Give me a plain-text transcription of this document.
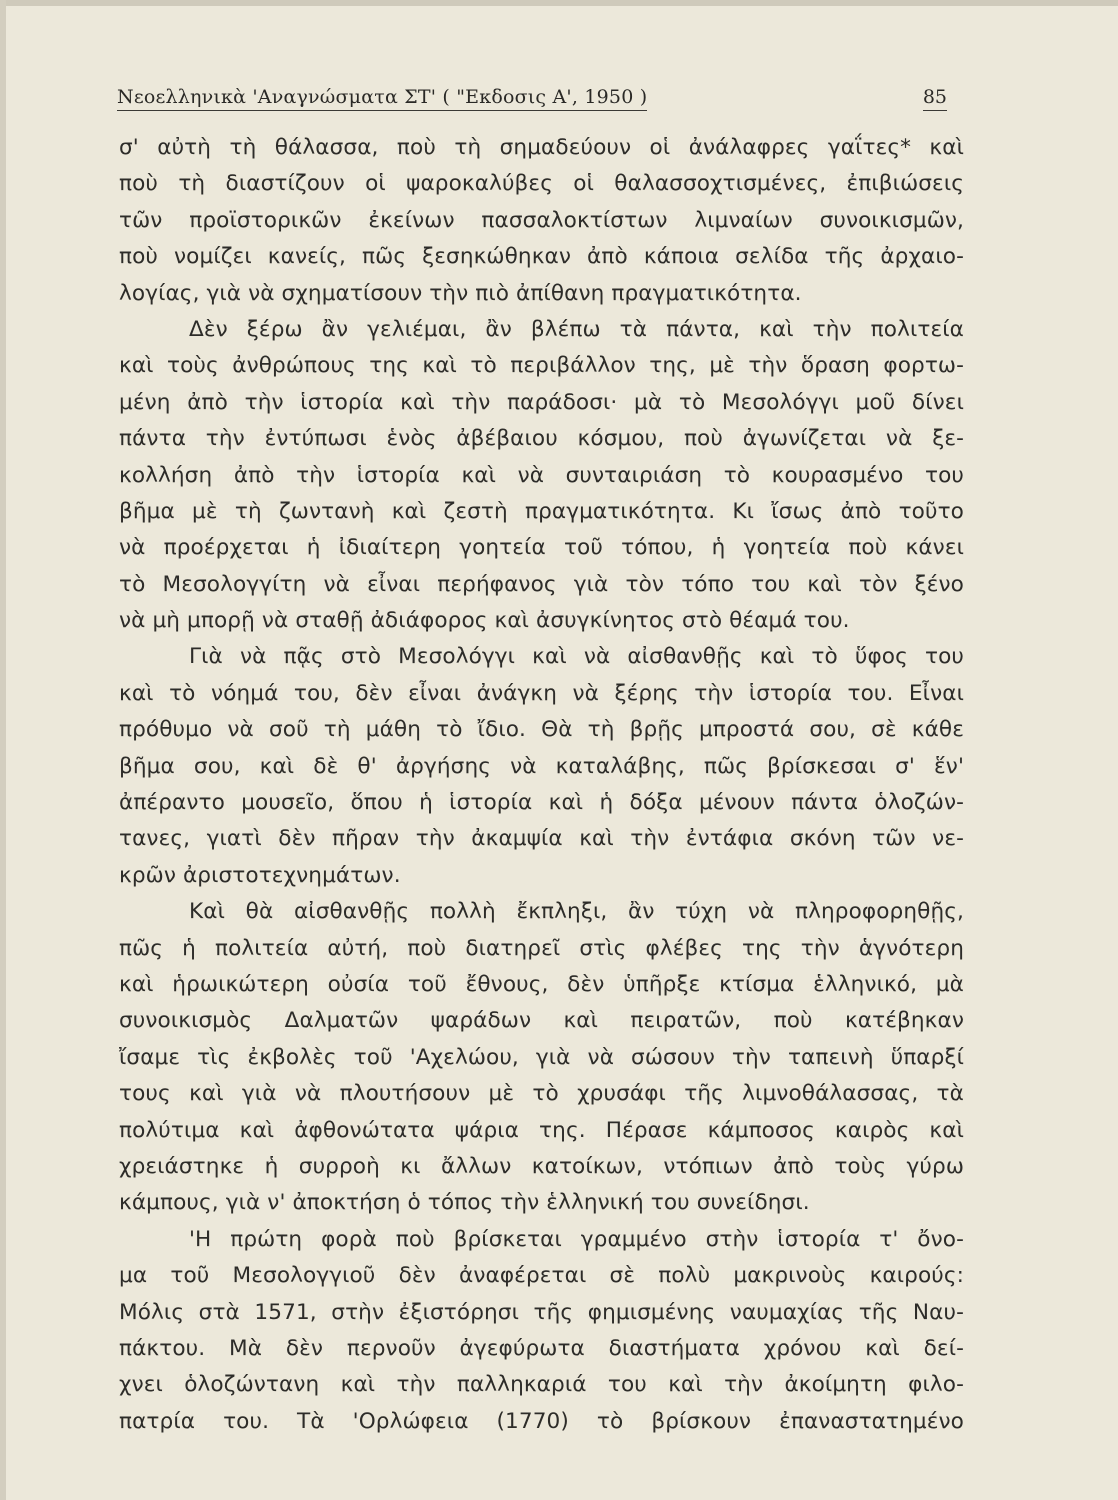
Νεοελληνικὰ 'Αναγνώσματα ΣΤ' ( "Εκδοσις Α', 1950 )	85
σ' αὐτὴ τὴ θάλασσα, ποὺ τὴ σημαδεύουν οἱ ἀνάλαφρες γαΐτες* καὶ
ποὺ τὴ διαστίζουν οἱ ψαροκαλύβες οἱ θαλασσοχτισμένες, ἐπιβιώσεις
τῶν προϊστορικῶν ἐκείνων πασσαλοκτίστων λιμναίων συνοικισμῶν,
ποὺ νομίζει κανείς, πῶς ξεσηκώθηκαν ἀπὸ κάποια σελίδα τῆς ἀρχαιο-
λογίας, γιὰ νὰ σχηματίσουν τὴν πιὸ ἀπίθανη πραγματικότητα.
Δὲν ξέρω ἂν γελιέμαι, ἂν βλέπω τὰ πάντα, καὶ τὴν πολιτεία
καὶ τοὺς ἀνθρώπους της καὶ τὸ περιβάλλον της, μὲ τὴν ὅραση φορτω-
μένη ἀπὸ τὴν ἱστορία καὶ τὴν παράδοσι· μὰ τὸ Μεσολόγγι μοῦ δίνει
πάντα τὴν ἐντύπωσι ἑνὸς ἀβέβαιου κόσμου, ποὺ ἀγωνίζεται νὰ ξε-
κολλήση ἀπὸ τὴν ἱστορία καὶ νὰ συνταιριάση τὸ κουρασμένο του
βῆμα μὲ τὴ ζωντανὴ καὶ ζεστὴ πραγματικότητα. Κι ἴσως ἀπὸ τοῦτο
νὰ προέρχεται ἡ ἰδιαίτερη γοητεία τοῦ τόπου, ἡ γοητεία ποὺ κάνει
τὸ Μεσολογγίτη νὰ εἶναι περήφανος γιὰ τὸν τόπο του καὶ τὸν ξένο
νὰ μὴ μπορῇ νὰ σταθῇ ἀδιάφορος καὶ ἀσυγκίνητος στὸ θέαμά του.
Γιὰ νὰ πᾷς στὸ Μεσολόγγι καὶ νὰ αἰσθανθῇς καὶ τὸ ὕφος του
καὶ τὸ νόημά του, δὲν εἶναι ἀνάγκη νὰ ξέρης τὴν ἱστορία του. Εἶναι
πρόθυμο νὰ σοῦ τὴ μάθη τὸ ἴδιο. Θὰ τὴ βρῇς μπροστά σου, σὲ κάθε
βῆμα σου, καὶ δὲ θ' ἀργήσης νὰ καταλάβης, πῶς βρίσκεσαι σ' ἕν'
ἀπέραντο μουσεῖο, ὅπου ἡ ἱστορία καὶ ἡ δόξα μένουν πάντα ὁλοζών-
τανες, γιατὶ δὲν πῆραν τὴν ἀκαμψία καὶ τὴν ἐντάφια σκόνη τῶν νε-
κρῶν ἀριστοτεχνημάτων.
Καὶ θὰ αἰσθανθῇς πολλὴ ἔκπληξι, ἂν τύχη νὰ πληροφορηθῇς,
πῶς ἡ πολιτεία αὐτή, ποὺ διατηρεῖ στὶς φλέβες της τὴν ἁγνότερη
καὶ ἡρωικώτερη οὐσία τοῦ ἔθνους, δὲν ὑπῆρξε κτίσμα ἑλληνικό, μὰ
συνοικισμὸς Δαλματῶν ψαράδων καὶ πειρατῶν, ποὺ κατέβηκαν
ἴσαμε τὶς ἐκβολὲς τοῦ 'Αχελώου, γιὰ νὰ σώσουν τὴν ταπεινὴ ὕπαρξί
τους καὶ γιὰ νὰ πλουτήσουν μὲ τὸ χρυσάφι τῆς λιμνοθάλασσας, τὰ
πολύτιμα καὶ ἀφθονώτατα ψάρια της. Πέρασε κάμποσος καιρὸς καὶ
χρειάστηκε ἡ συρροὴ κι ἄλλων κατοίκων, ντόπιων ἀπὸ τοὺς γύρω
κάμπους, γιὰ ν' ἀποκτήση ὁ τόπος τὴν ἑλληνική του συνείδησι.
'Η πρώτη φορὰ ποὺ βρίσκεται γραμμένο στὴν ἱστορία τ' ὄνο-
μα τοῦ Μεσολογγιοῦ δὲν ἀναφέρεται σὲ πολὺ μακρινοὺς καιρούς:
Μόλις στὰ 1571, στὴν ἐξιστόρησι τῆς φημισμένης ναυμαχίας τῆς Ναυ-
πάκτου. Μὰ δὲν περνοῦν ἀγεφύρωτα διαστήματα χρόνου καὶ δεί-
χνει ὁλοζώντανη καὶ τὴν παλληκαριά του καὶ τὴν ἀκοίμητη φιλο-
πατρία του. Τὰ 'Ορλώφεια (1770) τὸ βρίσκουν ἐπαναστατημένο
